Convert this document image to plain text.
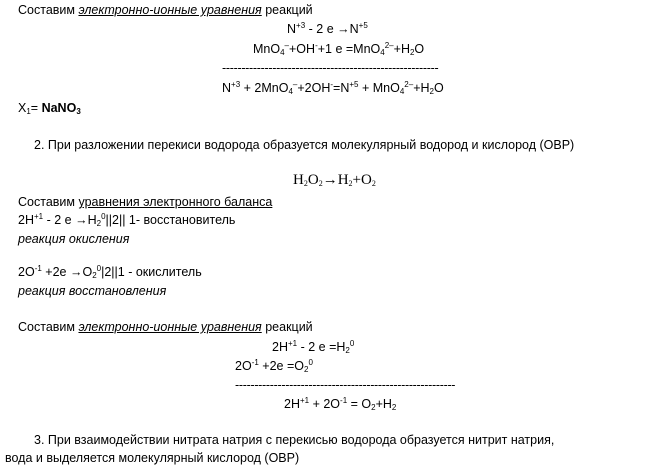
Составим электронно-ионные уравнения реакций
$N^{+3} - 2$ $e \to N^{+5}$
MnO$_4$–+OH-+1 $e =MnO_4^{2-}+H_2O$
--------------------------------------------------------
$N^{+3} + 2MnO_4^-+2OH^-=N^{+5} + MnO_4^{2-}+H_2O$
$X_1=$ NaNO$_3$
2. При разложении перекиси водорода образуется молекулярный водород и кислород (ОВР)
$H_2O_2\to H_2+O_2$
Составим уравнения электронного баланса
$2H^{+1} - 2$ $e \to H_2^0||2||$ 1- восстановитель
реакция окисления
$2O^{-1} +2e \to O_2^0|2||1$ - окислитель
реакция восстановления
Составим электронно-ионные уравнения реакций
$2H^{+1} - 2$ $e =H_2^0$
$2O^{-1} +2e =O_2^0$
---------------------------------------------------------
$2H^{+1} + 2O^{-1} = O_2+H_2$
3. При взаимодействии нитрата натрия с перекисью водорода образуется нитрит натрия,
вода и выделяется молекулярный кислород (ОВР)
